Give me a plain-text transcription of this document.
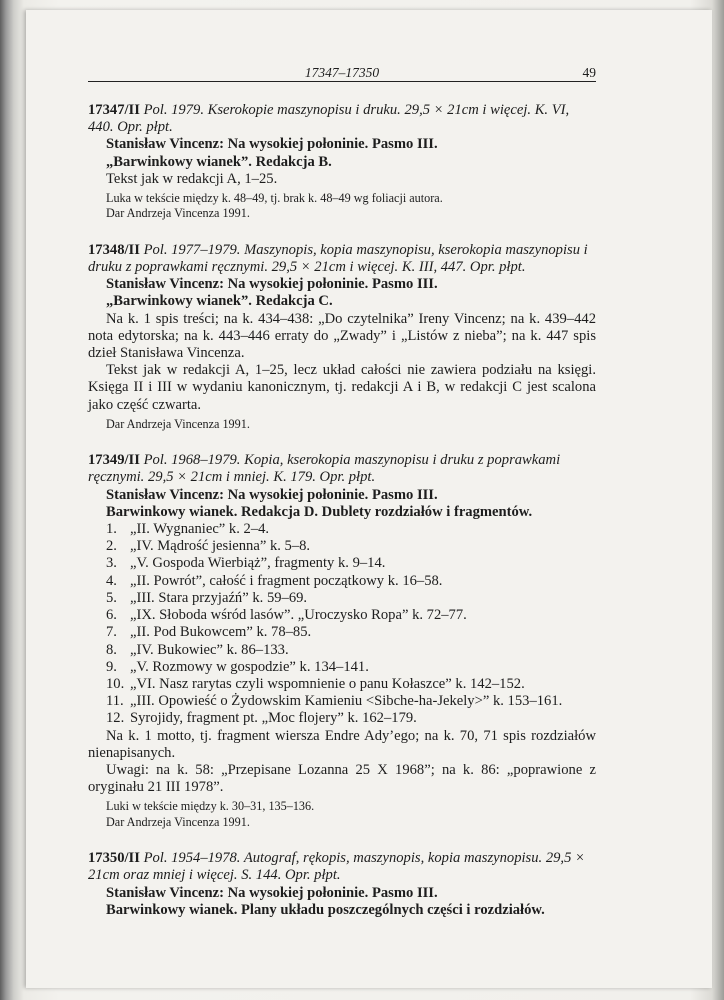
17347–17350	49
17347/II Pol. 1979. Kserokopie maszynopisu i druku. 29,5 × 21cm i więcej. K. VI, 440. Opr. płpt.
Stanisław Vincenz: Na wysokiej połoninie. Pasmo III.
„Barwinkowy wianek”. Redakcja B.
Tekst jak w redakcji A, 1–25.
Luka w tekście między k. 48–49, tj. brak k. 48–49 wg foliacji autora.
Dar Andrzeja Vincenza 1991.
17348/II Pol. 1977–1979. Maszynopis, kopia maszynopisu, kserokopia maszynopisu i druku z poprawkami ręcznymi. 29,5 × 21cm i więcej. K. III, 447. Opr. płpt.
Stanisław Vincenz: Na wysokiej połoninie. Pasmo III.
„Barwinkowy wianek”. Redakcja C.
Na k. 1 spis treści; na k. 434–438: „Do czytelnika” Ireny Vincenz; na k. 439–442 nota edytorska; na k. 443–446 erraty do „Zwady” i „Listów z nieba”; na k. 447 spis dzieł Stanisława Vincenza.
Tekst jak w redakcji A, 1–25, lecz układ całości nie zawiera podziału na księgi. Księga II i III w wydaniu kanonicznym, tj. redakcji A i B, w redakcji C jest scalona jako część czwarta.
Dar Andrzeja Vincenza 1991.
17349/II Pol. 1968–1979. Kopia, kserokopia maszynopisu i druku z poprawkami ręcznymi. 29,5 × 21cm i mniej. K. 179. Opr. płpt.
Stanisław Vincenz: Na wysokiej połoninie. Pasmo III.
Barwinkowy wianek. Redakcja D. Dublety rozdziałów i fragmentów.
1. „II. Wygnaniec” k. 2–4.
2. „IV. Mądrość jesienna” k. 5–8.
3. „V. Gospoda Wierbiąż”, fragmenty k. 9–14.
4. „II. Powrót”, całość i fragment początkowy k. 16–58.
5. „III. Stara przyjaźń” k. 59–69.
6. „IX. Słoboda wśród lasów”. „Uroczysko Ropa” k. 72–77.
7. „II. Pod Bukowcem” k. 78–85.
8. „IV. Bukowiec” k. 86–133.
9. „V. Rozmowy w gospodzie” k. 134–141.
10. „VI. Nasz rarytas czyli wspomnienie o panu Kołaszce” k. 142–152.
11. „III. Opowieść o Żydowskim Kamieniu <Sibche-ha-Jekely>” k. 153–161.
12. Syrojidy, fragment pt. „Moc flojery” k. 162–179.
Na k. 1 motto, tj. fragment wiersza Endre Ady’ego; na k. 70, 71 spis rozdziałów nienapisanych.
Uwagi: na k. 58: „Przepisane Lozanna 25 X 1968”; na k. 86: „poprawione z oryginału 21 III 1978”.
Luki w tekście między k. 30–31, 135–136.
Dar Andrzeja Vincenza 1991.
17350/II Pol. 1954–1978. Autograf, rękopis, maszynopis, kopia maszynopisu. 29,5 × 21cm oraz mniej i więcej. S. 144. Opr. płpt.
Stanisław Vincenz: Na wysokiej połoninie. Pasmo III.
Barwinkowy wianek. Plany układu poszczególnych części i rozdziałów.
